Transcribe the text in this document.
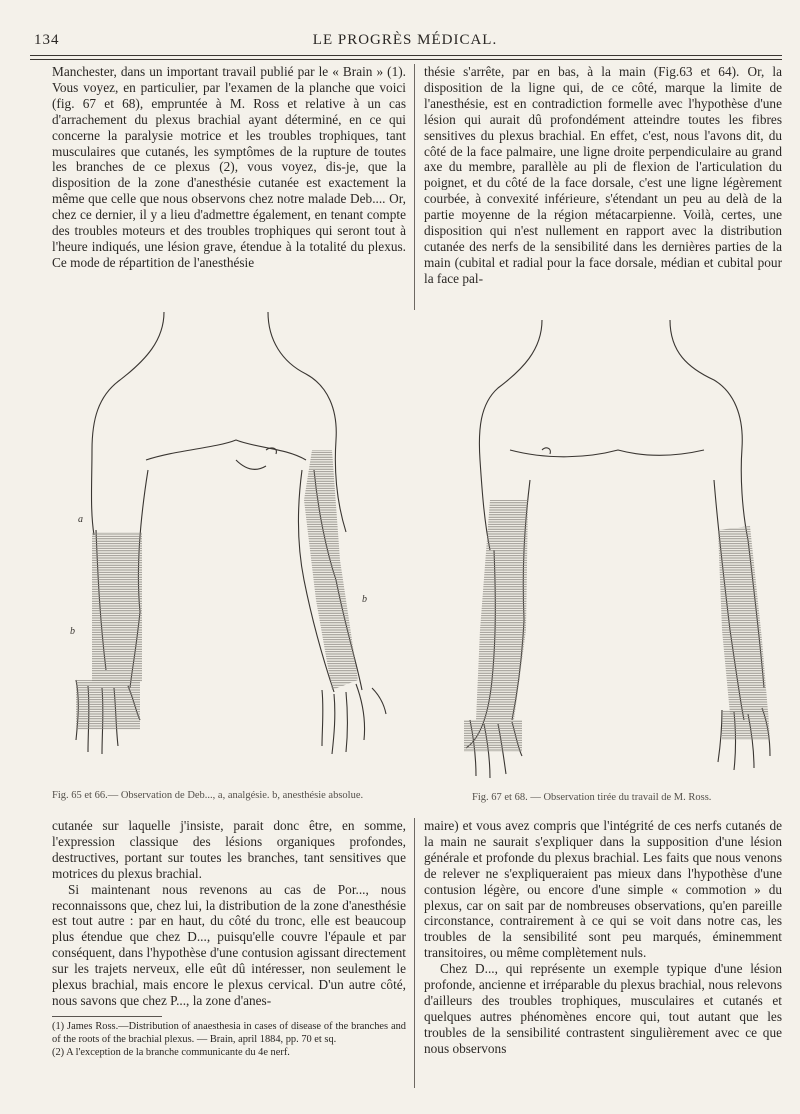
134	LE PROGRÈS MÉDICAL.

Manchester, dans un important travail publié par le « Brain » (1). Vous voyez, en particulier, par l'examen de la planche que voici (fig. 67 et 68), empruntée à M. Ross et relative à un cas d'arrachement du plexus brachial ayant déterminé, en ce qui concerne la paralysie motrice et les troubles trophiques, tant musculaires que cutanés, les symptômes de la rupture de toutes les branches de ce plexus (2), vous voyez, dis-je, que la disposition de la zone d'anesthésie cutanée est exactement la même que celle que nous observons chez notre malade Deb.... Or, chez ce dernier, il y a lieu d'admettre également, en tenant compte des troubles moteurs et des troubles trophiques qui seront tout à l'heure indiqués, une lésion grave, étendue à la totalité du plexus. Ce mode de répartition de l'anesthésie

thésie s'arrête, par en bas, à la main (Fig.63 et 64). Or, la disposition de la ligne qui, de ce côté, marque la limite de l'anesthésie, est en contradiction formelle avec l'hypothèse d'une lésion qui aurait dû profondément atteindre toutes les fibres sensitives du plexus brachial. En effet, c'est, nous l'avons dit, du côté de la face palmaire, une ligne droite perpendiculaire au grand axe du membre, parallèle au pli de flexion de l'articulation du poignet, et du côté de la face dorsale, c'est une ligne légèrement courbée, à convexité inférieure, s'étendant un peu au delà de la partie moyenne de la région métacarpienne. Voilà, certes, une disposition qui n'est nullement en rapport avec la distribution cutanée des nerfs de la sensibilité dans les dernières parties de la main (cubital et radial pour la face dorsale, médian et cubital pour la face pal-

a
b
b
Fig. 65 et 66.— Observation de Deb..., a, analgésie. b, anesthésie absolue.	Fig. 67 et 68. — Observation tirée du travail de M. Ross.

cutanée sur laquelle j'insiste, parait donc être, en somme, l'expression classique des lésions organiques profondes, destructives, portant sur toutes les branches, tant sensitives que motrices du plexus brachial.

Si maintenant nous revenons au cas de Por..., nous reconnaissons que, chez lui, la distribution de la zone d'anesthésie est tout autre : par en haut, du côté du tronc, elle est beaucoup plus étendue que chez D..., puisqu'elle couvre l'épaule et par conséquent, dans l'hypothèse d'une contusion agissant directement sur les trajets nerveux, elle eût dû intéresser, non seulement le plexus brachial, mais encore le plexus cervical. D'un autre côté, nous savons que chez P..., la zone d'anes-

maire) et vous avez compris que l'intégrité de ces nerfs cutanés de la main ne saurait s'expliquer dans la supposition d'une lésion générale et profonde du plexus brachial. Les faits que nous venons de relever ne s'expliqueraient pas mieux dans l'hypothèse d'une contusion légère, ou encore d'une simple « commotion » du plexus, car on sait par de nombreuses observations, qu'en pareille circonstance, contrairement à ce qui se voit dans notre cas, les troubles de la sensibilité sont peu marqués, éminemment transitoires, ou même complètement nuls.

Chez D..., qui représente un exemple typique d'une lésion profonde, ancienne et irréparable du plexus brachial, nous relevons d'ailleurs des troubles trophiques, musculaires et cutanés et quelques autres phénomènes encore qui, tout autant que les troubles de la sensibilité contrastent singulièrement avec ce que nous observons

(1) James Ross.—Distribution of anaesthesia in cases of disease of the branches and of the roots of the brachial plexus. — Brain, april 1884, pp. 70 et sq.

(2) A l'exception de la branche communicante du 4e nerf.
